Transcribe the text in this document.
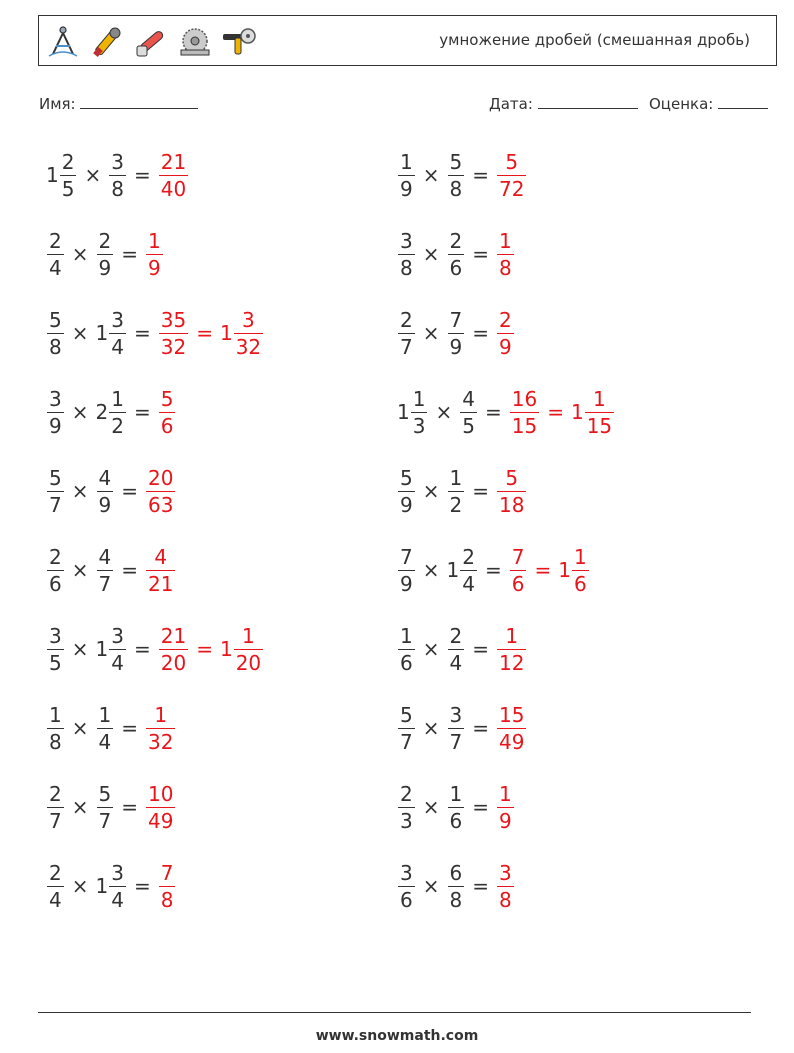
умножение дробей (смешанная дробь)
Имя:	Дата:	Оценка:
$1 \frac{2}{5} \times \frac{3}{8} = \frac{21}{40}$	$\frac{1}{9} \times \frac{5}{8} = \frac{5}{72}$
$\frac{2}{4} \times \frac{2}{9} = \frac{1}{9}$	$\frac{3}{8} \times \frac{2}{6} = \frac{1}{8}$
$\frac{5}{8} \times 1 \frac{3}{4} = \frac{35}{32} = 1 \frac{3}{32}$	$\frac{2}{7} \times \frac{7}{9} = \frac{2}{9}$
$\frac{3}{9} \times 2 \frac{1}{2} = \frac{5}{6}$	$1 \frac{1}{3} \times \frac{4}{5} = \frac{16}{15} = 1 \frac{1}{15}$
$\frac{5}{7} \times \frac{4}{9} = \frac{20}{63}$	$\frac{5}{9} \times \frac{1}{2} = \frac{5}{18}$
$\frac{2}{6} \times \frac{4}{7} = \frac{4}{21}$	$\frac{7}{9} \times 1 \frac{2}{4} = \frac{7}{6} = 1 \frac{1}{6}$
$\frac{3}{5} \times 1 \frac{3}{4} = \frac{21}{20} = 1 \frac{1}{20}$	$\frac{1}{6} \times \frac{2}{4} = \frac{1}{12}$
$\frac{1}{8} \times \frac{1}{4} = \frac{1}{32}$	$\frac{5}{7} \times \frac{3}{7} = \frac{15}{49}$
$\frac{2}{7} \times \frac{5}{7} = \frac{10}{49}$	$\frac{2}{3} \times \frac{1}{6} = \frac{1}{9}$
$\frac{2}{4} \times 1 \frac{3}{4} = \frac{7}{8}$	$\frac{3}{6} \times \frac{6}{8} = \frac{3}{8}$
www.snowmath.com
